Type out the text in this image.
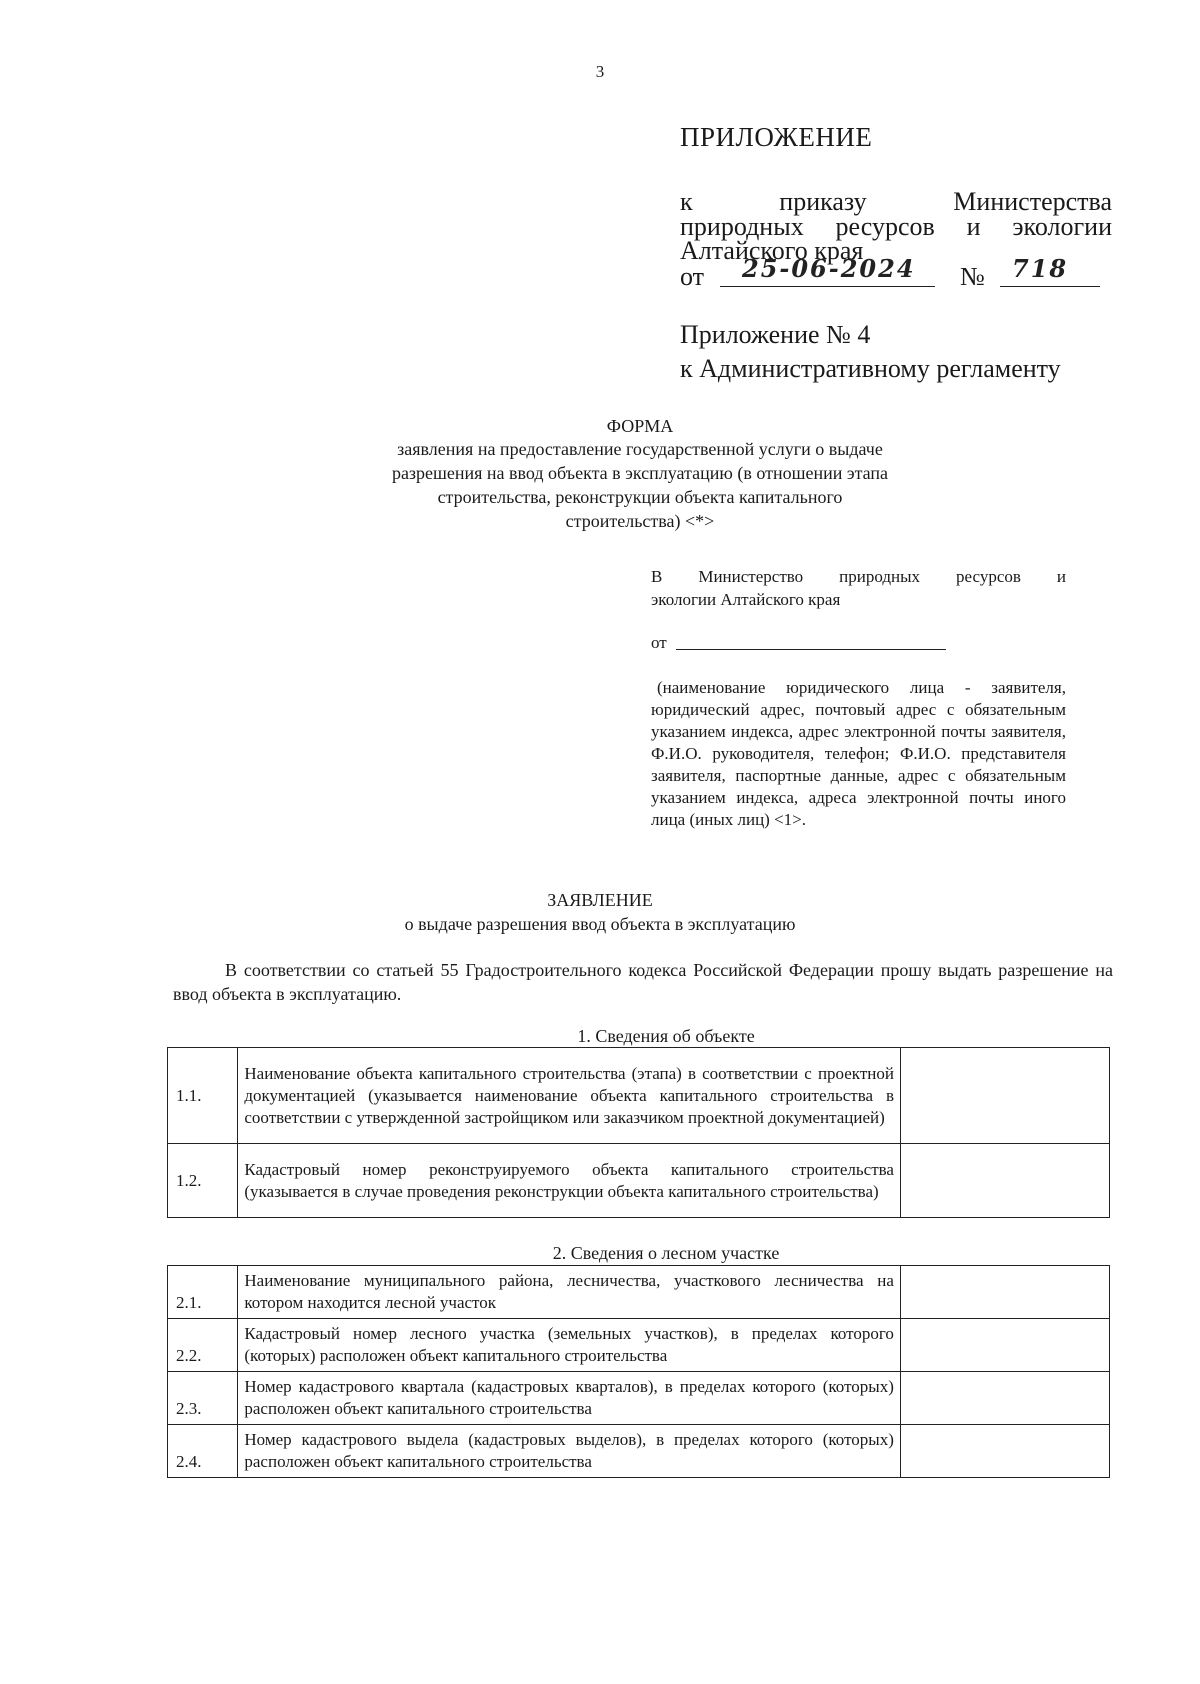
3
ПРИЛОЖЕНИЕ
к приказу Министерства
природных ресурсов и экологии
Алтайского края
от 25-06-2024 № 718
Приложение № 4
к Административному регламенту
ФОРМА
заявления на предоставление государственной услуги о выдаче
разрешения на ввод объекта в эксплуатацию (в отношении этапа
строительства, реконструкции объекта капитального
строительства) <*>
В Министерство природных ресурсов и
экологии Алтайского края
от
(наименование юридического лица - заявителя, юридический адрес, почтовый адрес с обязательным указанием индекса, адрес электронной почты заявителя, Ф.И.О. руководителя, телефон; Ф.И.О. представителя заявителя, паспортные данные, адрес с обязательным указанием индекса, адреса электронной почты иного лица (иных лиц) <1>.
ЗАЯВЛЕНИЕ
о выдаче разрешения ввод объекта в эксплуатацию
В соответствии со статьей 55 Градостроительного кодекса Российской Федерации прошу выдать разрешение на ввод объекта в эксплуатацию.
1. Сведения об объекте
1.1.	Наименование объекта капитального строительства (этапа) в соответствии с проектной документацией (указывается наименование объекта капитального строительства в соответствии с утвержденной застройщиком или заказчиком проектной документацией)	
1.2.	Кадастровый номер реконструируемого объекта капитального строительства (указывается в случае проведения реконструкции объекта капитального строительства)	
2. Сведения о лесном участке
2.1.	Наименование муниципального района, лесничества, участкового лесничества на котором находится лесной участок	
2.2.	Кадастровый номер лесного участка (земельных участков), в пределах которого (которых) расположен объект капитального строительства	
2.3.	Номер кадастрового квартала (кадастровых кварталов), в пределах которого (которых) расположен объект капитального строительства	
2.4.	Номер кадастрового выдела (кадастровых выделов), в пределах которого (которых) расположен объект капитального строительства	
